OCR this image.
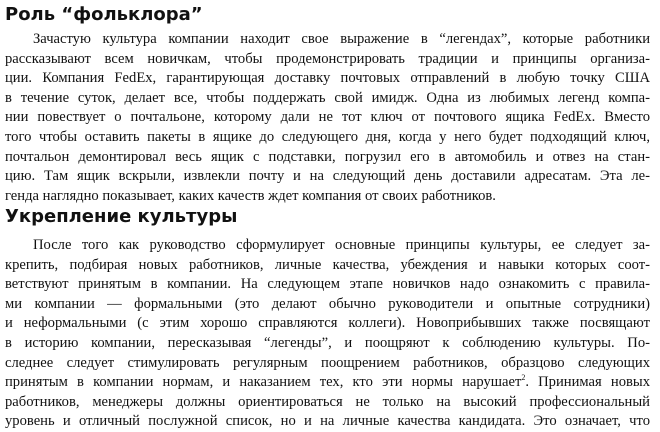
Роль “фольклора”
Зачастую культура компании находит свое выражение в “легендах”, которые работники
рассказывают всем новичкам, чтобы продемонстрировать традиции и принципы организа-
ции. Компания FedEx, гарантирующая доставку почтовых отправлений в любую точку США
в течение суток, делает все, чтобы поддержать свой имидж. Одна из любимых легенд компа-
нии повествует о почтальоне, которому дали не тот ключ от почтового ящика FedEx. Вместо
того чтобы оставить пакеты в ящике до следующего дня, когда у него будет подходящий ключ,
почтальон демонтировал весь ящик с подставки, погрузил его в автомобиль и отвез на стан-
цию. Там ящик вскрыли, извлекли почту и на следующий день доставили адресатам. Эта ле-
генда наглядно показывает, каких качеств ждет компания от своих работников.
Укрепление культуры
После того как руководство сформулирует основные принципы культуры, ее следует за-
крепить, подбирая новых работников, личные качества, убеждения и навыки которых соот-
ветствуют принятым в компании. На следующем этапе новичков надо ознакомить с правила-
ми компании — формальными (это делают обычно руководители и опытные сотрудники)
и неформальными (с этим хорошо справляются коллеги). Новоприбывших также посвящают
в историю компании, пересказывая “легенды”, и поощряют к соблюдению культуры. По-
следнее следует стимулировать регулярным поощрением работников, образцово следующих
принятым в компании нормам, и наказанием тех, кто эти нормы нарушает$^2$. Принимая новых
работников, менеджеры должны ориентироваться не только на высокий профессиональный
уровень и отличный послужной список, но и на личные качества кандидата. Это означает, что
